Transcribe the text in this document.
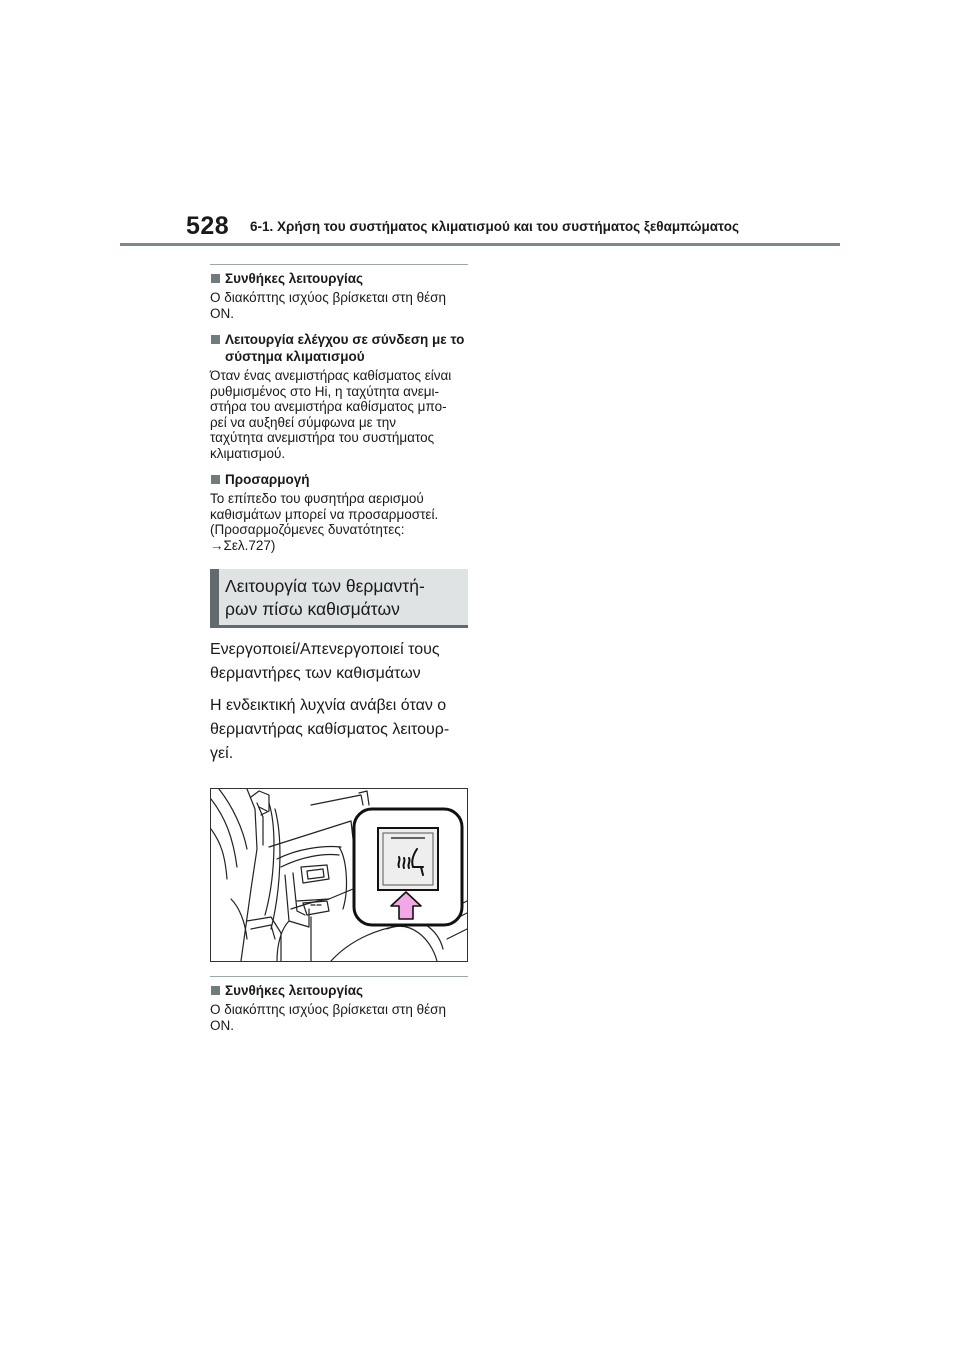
528 6-1. Χρήση του συστήματος κλιματισμού και του συστήματος ξεθαμπώματος
Συνθήκες λειτουργίας

Ο διακόπτης ισχύος βρίσκεται στη θέση
ON.

Λειτουργία ελέγχου σε σύνδεση με το σύστημα κλιματισμού

Όταν ένας ανεμιστήρας καθίσματος είναι
ρυθμισμένος στο Hi, η ταχύτητα ανεμι-
στήρα του ανεμιστήρα καθίσματος μπο-
ρεί να αυξηθεί σύμφωνα με την
ταχύτητα ανεμιστήρα του συστήματος
κλιματισμού.

Προσαρμογή

Το επίπεδο του φυσητήρα αερισμού
καθισμάτων μπορεί να προσαρμοστεί.
(Προσαρμοζόμενες δυνατότητες:
→Σελ.727)

Λειτουργία των θερμαντή-
ρων πίσω καθισμάτων

Ενεργοποιεί/Απενεργοποιεί τους
θερμαντήρες των καθισμάτων

Η ενδεικτική λυχνία ανάβει όταν ο
θερμαντήρας καθίσματος λειτουρ-
γεί.

Συνθήκες λειτουργίας

Ο διακόπτης ισχύος βρίσκεται στη θέση
ON.
